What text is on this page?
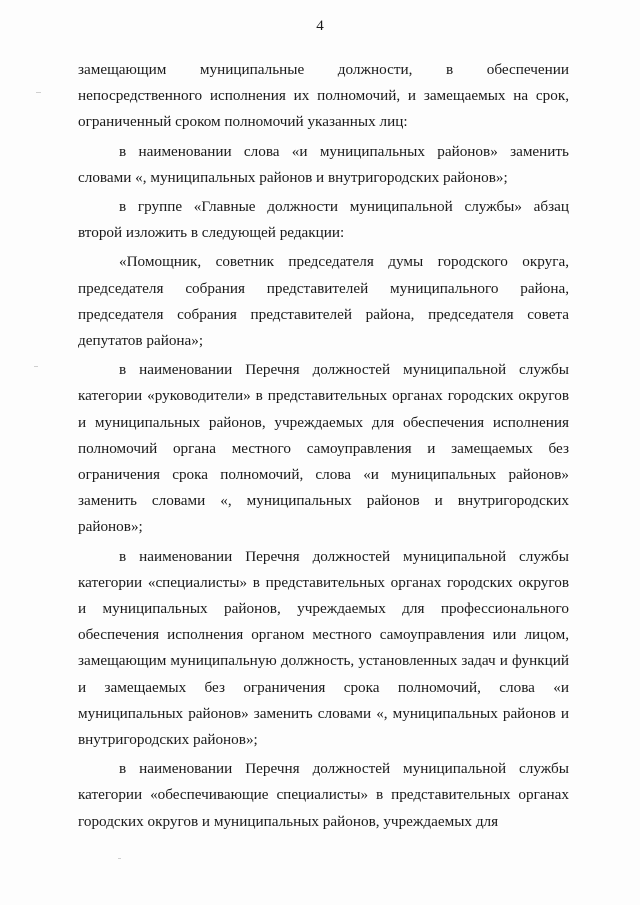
4

замещающим муниципальные должности, в обеспечении непосредственного исполнения их полномочий, и замещаемых на срок, ограниченный сроком полномочий указанных лиц:

в наименовании слова «и муниципальных районов» заменить словами «, муниципальных районов и внутригородских районов»;

в группе «Главные должности муниципальной службы» абзац второй изложить в следующей редакции:

«Помощник, советник председателя думы городского округа, председателя собрания представителей муниципального района, председателя собрания представителей района, председателя совета депутатов района»;

в наименовании Перечня должностей муниципальной службы категории «руководители» в представительных органах городских округов и муниципальных районов, учреждаемых для обеспечения исполнения полномочий органа местного самоуправления и замещаемых без ограничения срока полномочий, слова «и муниципальных районов» заменить словами «, муниципальных районов и внутригородских районов»;

в наименовании Перечня должностей муниципальной службы категории «специалисты» в представительных органах городских округов и муниципальных районов, учреждаемых для профессионального обеспечения исполнения органом местного самоуправления или лицом, замещающим муниципальную должность, установленных задач и функций и замещаемых без ограничения срока полномочий, слова «и муниципальных районов» заменить словами «, муниципальных районов и внутригородских районов»;

в наименовании Перечня должностей муниципальной службы категории «обеспечивающие специалисты» в представительных органах городских округов и муниципальных районов, учреждаемых для
